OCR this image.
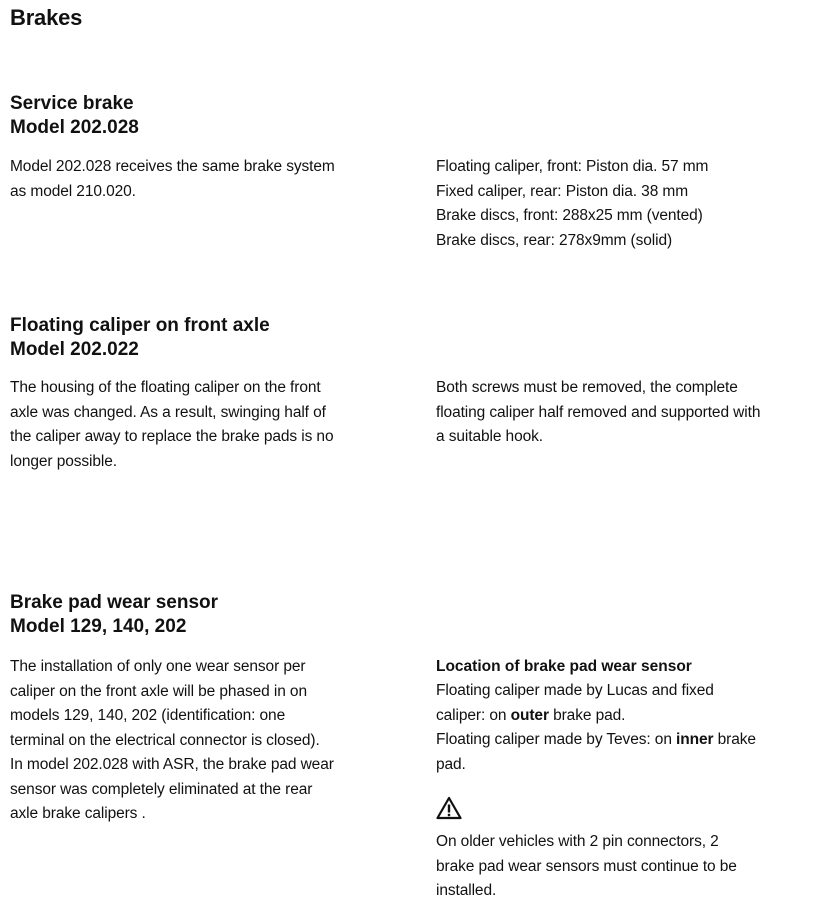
Brakes
Service brake
Model 202.028
Model 202.028 receives the same brake system
as model 210.020.
Floating caliper, front: Piston dia. 57 mm
Fixed caliper, rear: Piston dia. 38 mm
Brake discs, front: 288x25 mm (vented)
Brake discs, rear: 278x9mm (solid)
Floating caliper on front axle
Model 202.022
The housing of the floating caliper on the front
axle was changed. As a result, swinging half of
the caliper away to replace the brake pads is no
longer possible.
Both screws must be removed, the complete
floating caliper half removed and supported with
a suitable hook.
Brake pad wear sensor
Model 129, 140, 202
The installation of only one wear sensor per
caliper on the front axle will be phased in on
models 129, 140, 202 (identification: one
terminal on the electrical connector is closed).
In model 202.028 with ASR, the brake pad wear
sensor was completely eliminated at the rear
axle brake calipers .
Location of brake pad wear sensor
Floating caliper made by Lucas and fixed
caliper: on outer brake pad.
Floating caliper made by Teves: on inner brake
pad.
On older vehicles with 2 pin connectors, 2
brake pad wear sensors must continue to be
installed.
